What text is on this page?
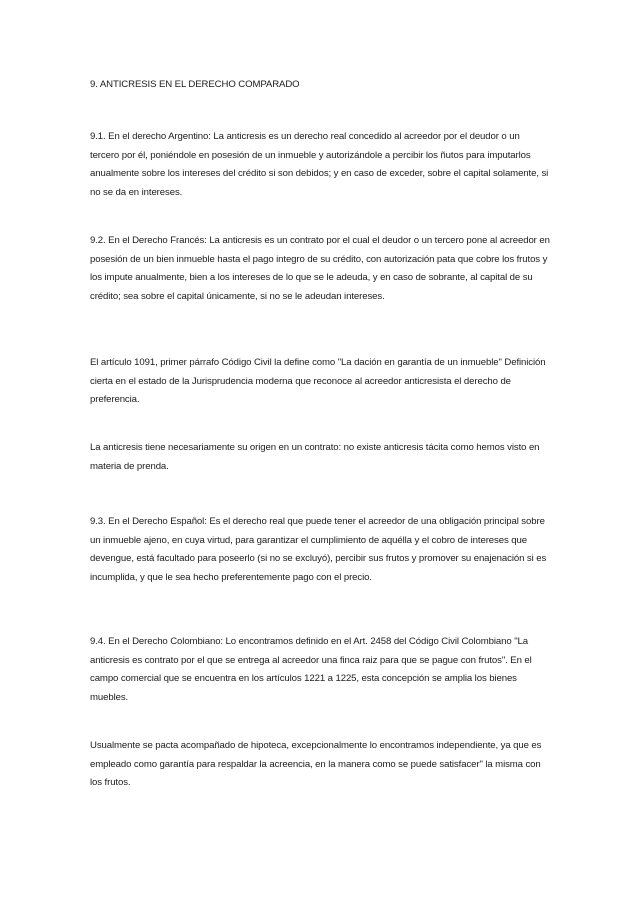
9. ANTICRESIS EN EL DERECHO COMPARADO

9.1. En el derecho Argentino: La anticresis es un derecho real concedido al acreedor por el deudor o un tercero por él, poniéndole en posesión de un inmueble y autorizándole a percibir los ñutos para imputarlos anualmente sobre los intereses del crédito si son debidos; y en caso de exceder, sobre el capital solamente, si no se da en intereses.

9.2. En el Derecho Francés: La anticresis es un contrato por el cual el deudor o un tercero pone al acreedor en posesión de un bien inmueble hasta el pago integro de su crédito, con autorización pata que cobre los frutos y los impute anualmente, bien a los intereses de lo que se le adeuda, y en caso de sobrante, al capital de su crédito; sea sobre el capital únicamente, si no se le adeudan intereses.

El artículo 1091, primer párrafo Código Civil la define como "La dación en garantía de un inmueble" Definición cierta en el estado de la Jurisprudencia moderna que reconoce al acreedor anticresista el derecho de preferencia.

La anticresis tiene necesariamente su origen en un contrato: no existe anticresis tácita como hemos visto en materia de prenda.

9.3. En el Derecho Español: Es el derecho real que puede tener el acreedor de una obligación principal sobre un inmueble ajeno, en cuya virtud, para garantizar el cumplimiento de aquélla y el cobro de intereses que devengue, está facultado para poseerlo (si no se excluyó), percibir sus frutos y promover su enajenación si es incumplida, y que le sea hecho preferentemente pago con el precio.

9.4. En el Derecho Colombiano: Lo encontramos definido en el Art. 2458 del Código Civil Colombiano "La anticresis es contrato por el que se entrega al acreedor una finca raiz para que se pague con frutos". En el campo comercial que se encuentra en los artículos 1221 a 1225, esta concepción se amplia los bienes muebles.

Usualmente se pacta acompañado de hipoteca, excepcionalmente lo encontramos independiente, ya que es empleado como garantía para respaldar la acreencia, en la manera como se puede satisfacer" la misma con los frutos.
